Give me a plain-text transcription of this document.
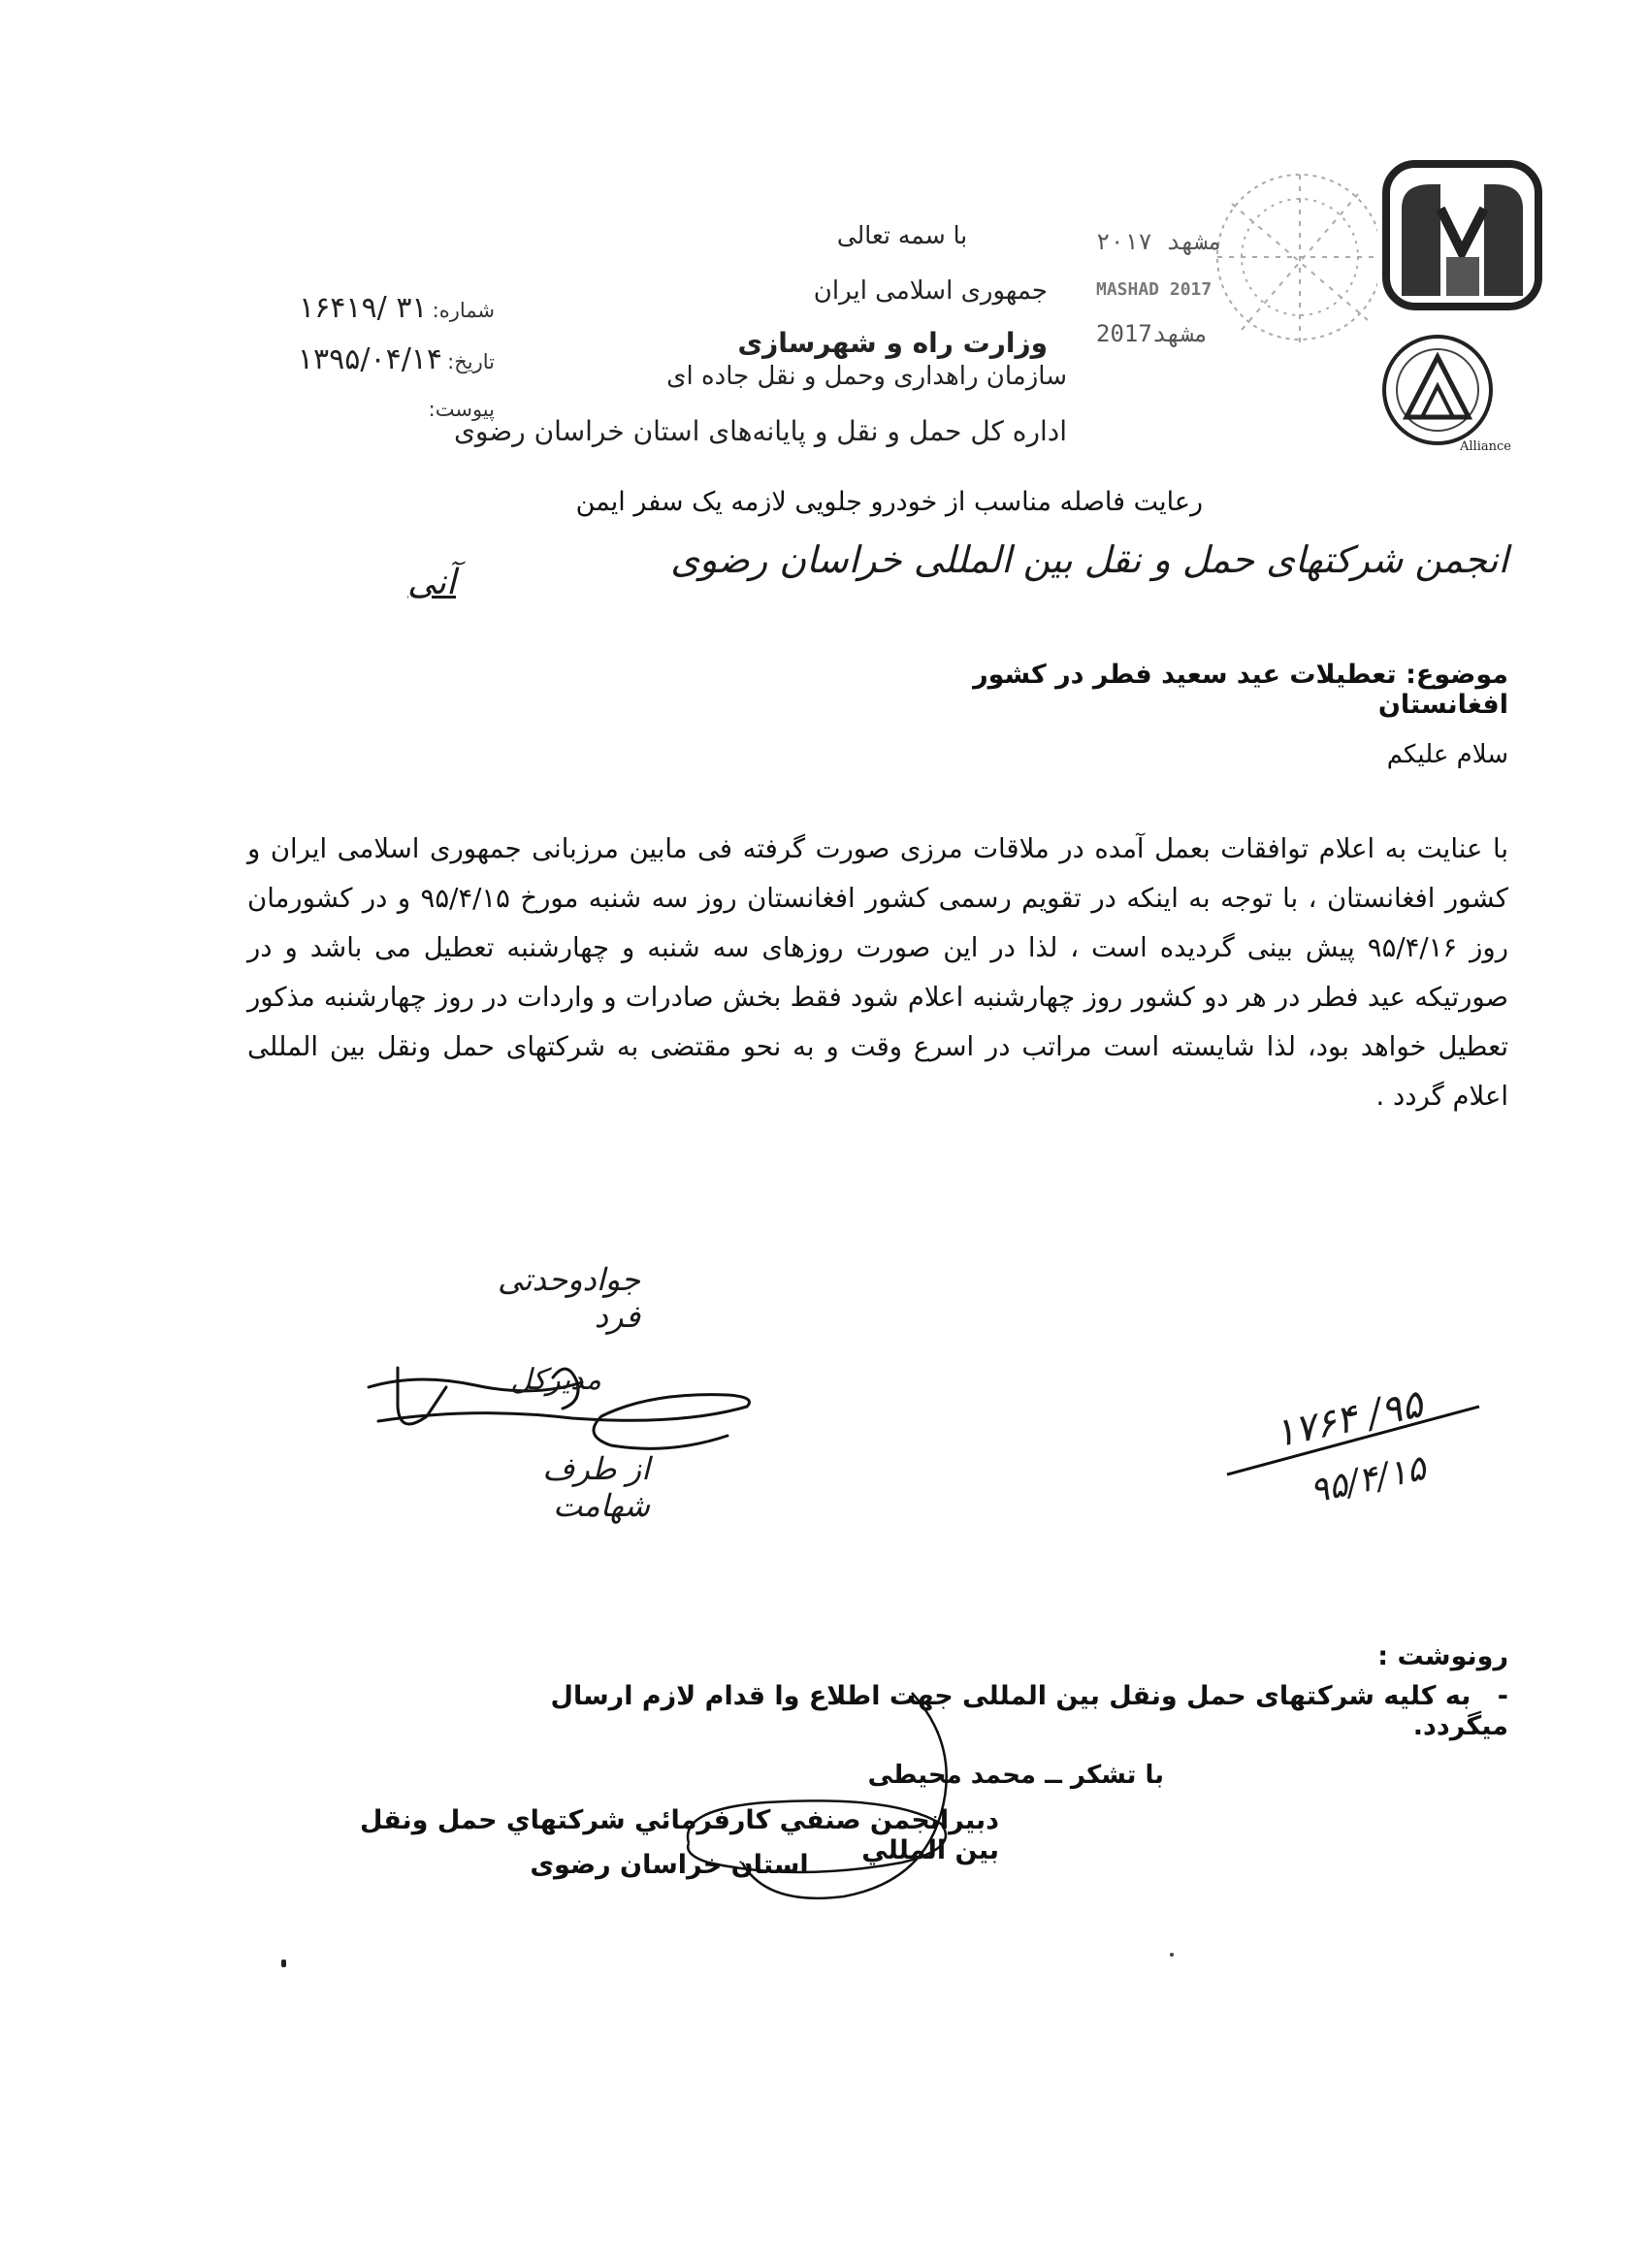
Alliance
مشهد ۲۰۱۷
MASHAD 2017
مشهد2017
با سمه تعالی
جمهوری اسلامی ایران
وزارت راه و شهرسازی
سازمان راهداری وحمل و نقل جاده ای
اداره کل حمل و نقل و پایانه‌های استان خراسان رضوی
شماره: ۳۱ /۱۶۴۱۹
تاریخ: ۱۳۹۵/۰۴/۱۴
پیوست:
رعایت فاصله مناسب از خودرو جلویی لازمه یک سفر ایمن
انجمن شرکتهای حمل و نقل بین المللی خراسان رضوی
آنی
موضوع: تعطیلات عید سعید فطر در کشور افغانستان
سلام علیکم
با عنایت به اعلام توافقات بعمل آمده در ملاقات مرزی صورت گرفته فی مابین مرزبانی جمهوری اسلامی ایران و کشور افغانستان ، با توجه به اینکه در تقویم رسمی کشور افغانستان روز سه شنبه مورخ ۹۵/۴/۱۵ و در کشورمان روز ۹۵/۴/۱۶ پیش بینی گردیده است ، لذا در این صورت روزهای سه شنبه و چهارشنبه تعطیل می باشد و در صورتیکه عید فطر در هر دو کشور روز چهارشنبه اعلام شود فقط بخش صادرات و واردات در روز چهارشنبه مذکور تعطیل خواهد بود، لذا شایسته است مراتب در اسرع وقت و به نحو مقتضی به شرکتهای حمل ونقل بین المللی اعلام گردد .
جوادوحدتی فرد
مدیرکل
از طرف شهامت
۹۵/ ۱۷۶۴
۹۵/۴/۱۵
رونوشت :
- به کلیه شرکتهای حمل ونقل بین المللی جهت اطلاع وا قدام لازم ارسال میگردد.
با تشکر ــ محمد محیطی
دبیرانجمن صنفي کارفرمائي شرکتهاي حمل ونقل بین المللي
استان خراسان رضوی
